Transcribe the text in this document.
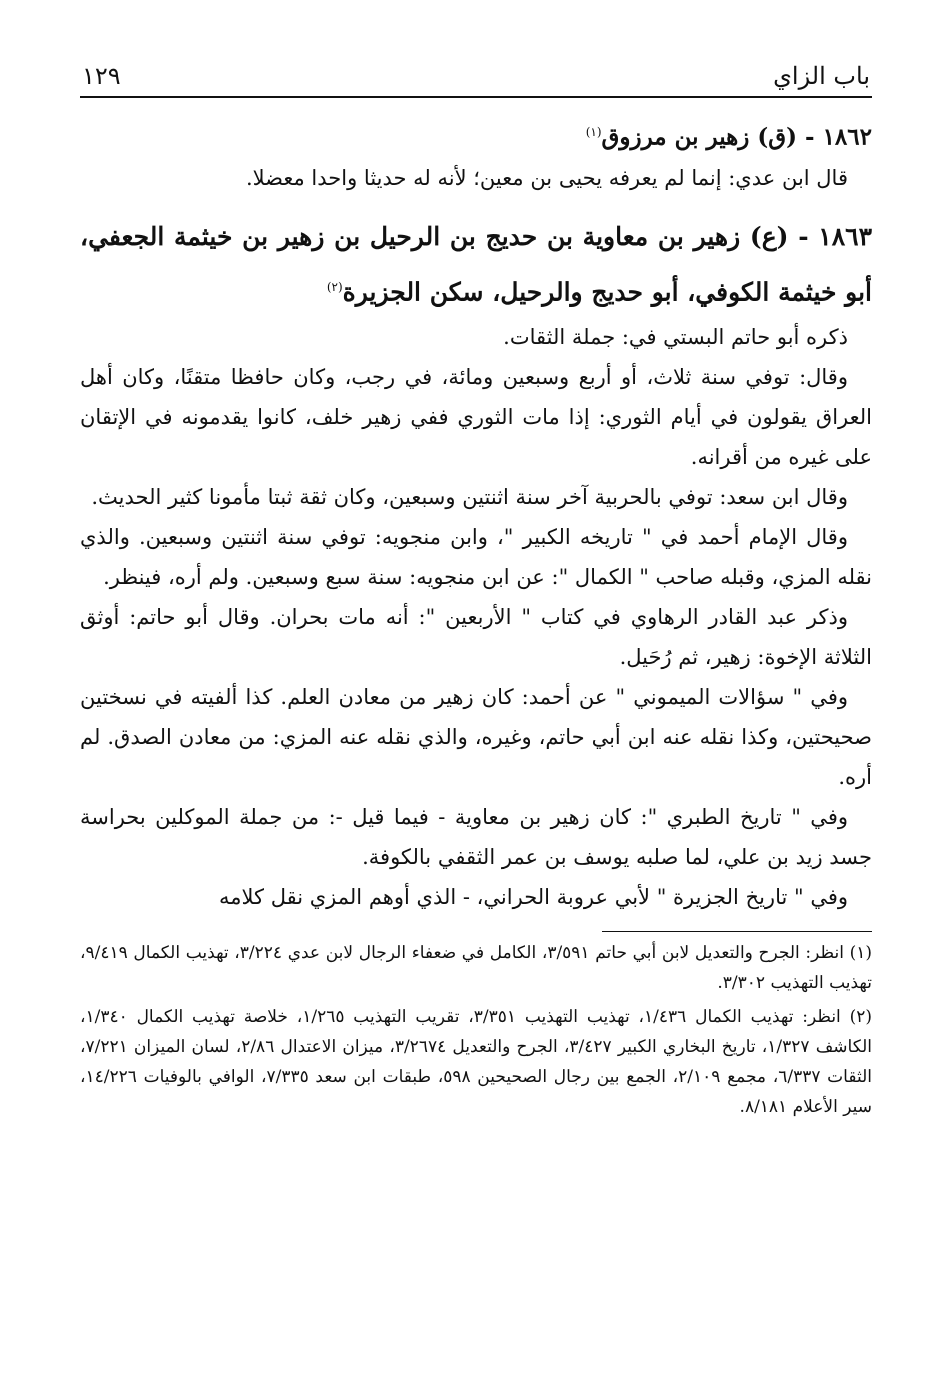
باب الزاي
١٢٩
١٨٦٢ - (ق) زهير بن مرزوق$^{(١)}$
قال ابن عدي: إنما لم يعرفه يحيى بن معين؛ لأنه له حديثا واحدا معضلا.
١٨٦٣ - (ع) زهير بن معاوية بن حديج بن الرحيل بن زهير بن خيثمة الجعفي، أبو خيثمة الكوفي، أبو حديج والرحيل، سكن الجزيرة$^{(٢)}$
ذكره أبو حاتم البستي في: جملة الثقات.
وقال: توفي سنة ثلاث، أو أربع وسبعين ومائة، في رجب، وكان حافظا متقنًا، وكان أهل العراق يقولون في أيام الثوري: إذا مات الثوري ففي زهير خلف، كانوا يقدمونه في الإتقان على غيره من أقرانه.
وقال ابن سعد: توفي بالحربية آخر سنة اثنتين وسبعين، وكان ثقة ثبتا مأمونا كثير الحديث.
وقال الإمام أحمد في " تاريخه الكبير "، وابن منجويه: توفي سنة اثنتين وسبعين. والذي نقله المزي، وقبله صاحب " الكمال ": عن ابن منجويه: سنة سبع وسبعين. ولم أره، فينظر.
وذكر عبد القادر الرهاوي في كتاب " الأربعين ": أنه مات بحران. وقال أبو حاتم: أوثق الثلاثة الإخوة: زهير، ثم رُحَيل.
وفي " سؤالات الميموني " عن أحمد: كان زهير من معادن العلم. كذا ألفيته في نسختين صحيحتين، وكذا نقله عنه ابن أبي حاتم، وغيره، والذي نقله عنه المزي: من معادن الصدق. لم أره.
وفي " تاريخ الطبري ": كان زهير بن معاوية - فيما قيل -: من جملة الموكلين بحراسة جسد زيد بن علي، لما صلبه يوسف بن عمر الثقفي بالكوفة.
وفي " تاريخ الجزيرة " لأبي عروبة الحراني، - الذي أوهم المزي نقل كلامه
(١) انظر: الجرح والتعديل لابن أبي حاتم ٣/٥٩١، الكامل في ضعفاء الرجال لابن عدي ٣/٢٢٤، تهذيب الكمال ٩/٤١٩، تهذيب التهذيب ٣/٣٠٢.
(٢) انظر: تهذيب الكمال ١/٤٣٦، تهذيب التهذيب ٣/٣٥١، تقريب التهذيب ١/٢٦٥، خلاصة تهذيب الكمال ١/٣٤٠، الكاشف ١/٣٢٧، تاريخ البخاري الكبير ٣/٤٢٧، الجرح والتعديل ٣/٢٦٧٤، ميزان الاعتدال ٢/٨٦، لسان الميزان ٧/٢٢١، الثقات ٦/٣٣٧، مجمع ٢/١٠٩، الجمع بين رجال الصحيحين ٥٩٨، طبقات ابن سعد ٧/٣٣٥، الوافي بالوفيات ١٤/٢٢٦، سير الأعلام ٨/١٨١.
